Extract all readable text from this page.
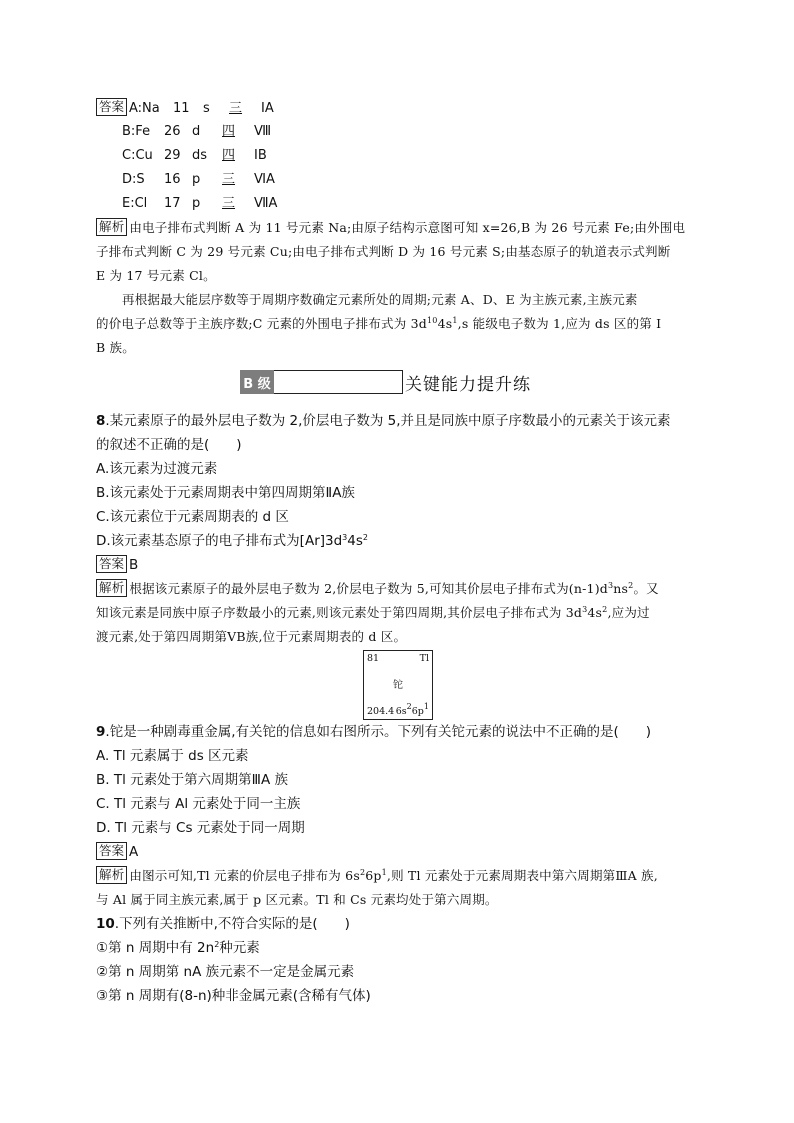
答案 A:Na 11 s 三 ⅠA
B:Fe 26 d 四 Ⅷ
C:Cu 29 ds 四 ⅠB
D:S 16 p 三 ⅥA
E:Cl 17 p 三 ⅦA
解析 由电子排布式判断 A 为 11 号元素 Na;由原子结构示意图可知 x=26,B 为 26 号元素 Fe;由外围电
子排布式判断 C 为 29 号元素 Cu;由电子排布式判断 D 为 16 号元素 S;由基态原子的轨道表示式判断
E 为 17 号元素 Cl。
再根据最大能层序数等于周期序数确定元素所处的周期;元素 A、D、E 为主族元素,主族元素
的价电子总数等于主族序数;C 元素的外围电子排布式为 $3d^{10}4s^1,s$ 能级电子数为 1,应为 ds 区的第 Ⅰ
B 族。
B 级	关键能力提升练
8.某元素原子的最外层电子数为 2,价层电子数为 5,并且是同族中原子序数最小的元素关于该元素
的叙述不正确的是(　　)
A.该元素为过渡元素
B.该元素处于元素周期表中第四周期第ⅡA族
C.该元素位于元素周期表的 d 区
D.该元素基态原子的电子排布式为$[Ar]3d^34s^2$
答案 B
解析 根据该元素原子的最外层电子数为 2,价层电子数为 5,可知其价层电子排布式为$(n-1)d^3ns^2$。又
知该元素是同族中原子序数最小的元素,则该元素处于第四周期,其价层电子排布式为 $3d^34s^2$,应为过
渡元素,处于第四周期第ⅤB族,位于元素周期表的 d 区。
81	Tl
铊
204.4 $6s^26p^1$
9.铊是一种剧毒重金属,有关铊的信息如右图所示。下列有关铊元素的说法中不正确的是(　　)
A. Tl 元素属于 ds 区元素
B. Tl 元素处于第六周期第ⅢA 族
C. Tl 元素与 Al 元素处于同一主族
D. Tl 元素与 Cs 元素处于同一周期
答案 A
解析 由图示可知,Tl 元素的价层电子排布为 $6s^26p^1$,则 Tl 元素处于元素周期表中第六周期第ⅢA 族,
与 Al 属于同主族元素,属于 p 区元素。Tl 和 Cs 元素均处于第六周期。
10.下列有关推断中,不符合实际的是(　　)
①第 n 周期中有 $2n^2$种元素
②第 n 周期第 nA 族元素不一定是金属元素
③第 n 周期有(8-n)种非金属元素(含稀有气体)
